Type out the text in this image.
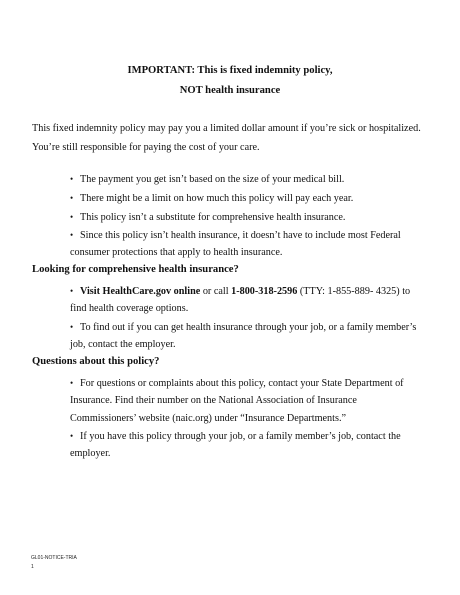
IMPORTANT: This is fixed indemnity policy,
NOT health insurance
This fixed indemnity policy may pay you a limited dollar amount if you’re sick or hospitalized.
You’re still responsible for paying the cost of your care.
• The payment you get isn’t based on the size of your medical bill.
• There might be a limit on how much this policy will pay each year.
• This policy isn’t a substitute for comprehensive health insurance.
• Since this policy isn’t health insurance, it doesn’t have to include most Federal
consumer protections that apply to health insurance.
Looking for comprehensive health insurance?
• Visit HealthCare.gov online or call 1-800-318-2596 (TTY: 1-855-889- 4325) to
find health coverage options.
• To find out if you can get health insurance through your job, or a family member’s
job, contact the employer.
Questions about this policy?
• For questions or complaints about this policy, contact your State Department of
Insurance. Find their number on the National Association of Insurance
Commissioners’ website (naic.org) under “Insurance Departments.”
• If you have this policy through your job, or a family member’s job, contact the
employer.
GL01-NOTICE-TRIA
1
